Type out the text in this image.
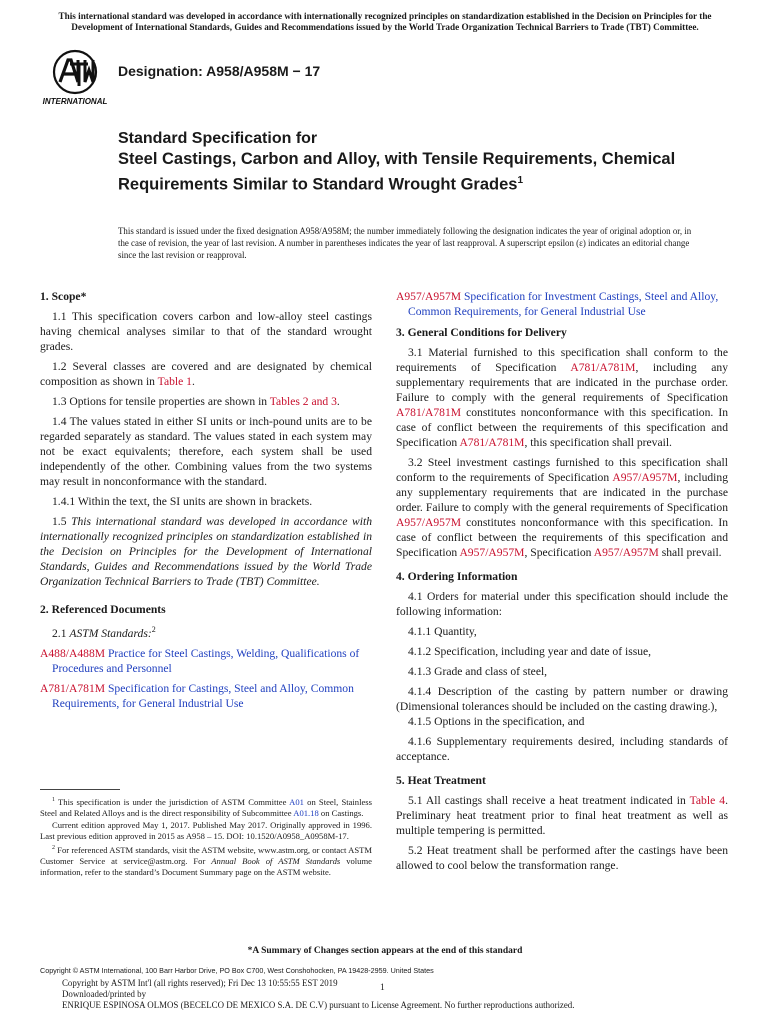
This international standard was developed in accordance with internationally recognized principles on standardization established in the Decision on Principles for the Development of International Standards, Guides and Recommendations issued by the World Trade Organization Technical Barriers to Trade (TBT) Committee.
INTERNATIONAL
Designation: A958/A958M − 17
Standard Specification for
Steel Castings, Carbon and Alloy, with Tensile Requirements, Chemical Requirements Similar to Standard Wrought Grades$^1$
This standard is issued under the fixed designation A958/A958M; the number immediately following the designation indicates the year of original adoption or, in the case of revision, the year of last revision. A number in parentheses indicates the year of last reapproval. A superscript epsilon (ε) indicates an editorial change since the last revision or reapproval.

1. Scope*

1.1 This specification covers carbon and low-alloy steel castings having chemical analyses similar to that of the standard wrought grades.

1.2 Several classes are covered and are designated by chemical composition as shown in Table 1.

1.3 Options for tensile properties are shown in Tables 2 and 3.

1.4 The values stated in either SI units or inch-pound units are to be regarded separately as standard. The values stated in each system may not be exact equivalents; therefore, each system shall be used independently of the other. Combining values from the two systems may result in nonconformance with the standard.

1.4.1 Within the text, the SI units are shown in brackets.

1.5 This international standard was developed in accordance with internationally recognized principles on standardization established in the Decision on Principles for the Development of International Standards, Guides and Recommendations issued by the World Trade Organization Technical Barriers to Trade (TBT) Committee.

2. Referenced Documents

2.1 ASTM Standards:$^2$

A488/A488M Practice for Steel Castings, Welding, Qualifications of Procedures and Personnel

A781/A781M Specification for Castings, Steel and Alloy, Common Requirements, for General Industrial Use

A957/A957M Specification for Investment Castings, Steel and Alloy, Common Requirements, for General Industrial Use

3. General Conditions for Delivery

3.1 Material furnished to this specification shall conform to the requirements of Specification A781/A781M, including any supplementary requirements that are indicated in the purchase order. Failure to comply with the general requirements of Specification A781/A781M constitutes nonconformance with this specification. In case of conflict between the requirements of this specification and Specification A781/A781M, this specification shall prevail.

3.2 Steel investment castings furnished to this specification shall conform to the requirements of Specification A957/A957M, including any supplementary requirements that are indicated in the purchase order. Failure to comply with the general requirements of Specification A957/A957M constitutes nonconformance with this specification. In case of conflict between the requirements of this specification and Specification A957/A957M, Specification A957/A957M shall prevail.

4. Ordering Information

4.1 Orders for material under this specification should include the following information:

4.1.1 Quantity,

4.1.2 Specification, including year and date of issue,

4.1.3 Grade and class of steel,

4.1.4 Description of the casting by pattern number or drawing (Dimensional tolerances should be included on the casting drawing.),

4.1.5 Options in the specification, and

4.1.6 Supplementary requirements desired, including standards of acceptance.

5. Heat Treatment

5.1 All castings shall receive a heat treatment indicated in Table 4. Preliminary heat treatment prior to final heat treatment as well as multiple tempering is permitted.

5.2 Heat treatment shall be performed after the castings have been allowed to cool below the transformation range.

$^1$ This specification is under the jurisdiction of ASTM Committee A01 on Steel, Stainless Steel and Related Alloys and is the direct responsibility of Subcommittee A01.18 on Castings.

Current edition approved May 1, 2017. Published May 2017. Originally approved in 1996. Last previous edition approved in 2015 as A958 – 15. DOI: 10.1520/A0958_A0958M-17.

$^2$ For referenced ASTM standards, visit the ASTM website, www.astm.org, or contact ASTM Customer Service at service@astm.org. For Annual Book of ASTM Standards volume information, refer to the standard’s Document Summary page on the ASTM website.

*A Summary of Changes section appears at the end of this standard
Copyright © ASTM International, 100 Barr Harbor Drive, PO Box C700, West Conshohocken, PA 19428-2959. United States
Copyright by ASTM Int'l (all rights reserved); Fri Dec 13 10:55:55 EST 2019
Downloaded/printed by
ENRIQUE ESPINOSA OLMOS (BECELCO DE MEXICO S.A. DE C.V) pursuant to License Agreement. No further reproductions authorized.
1
